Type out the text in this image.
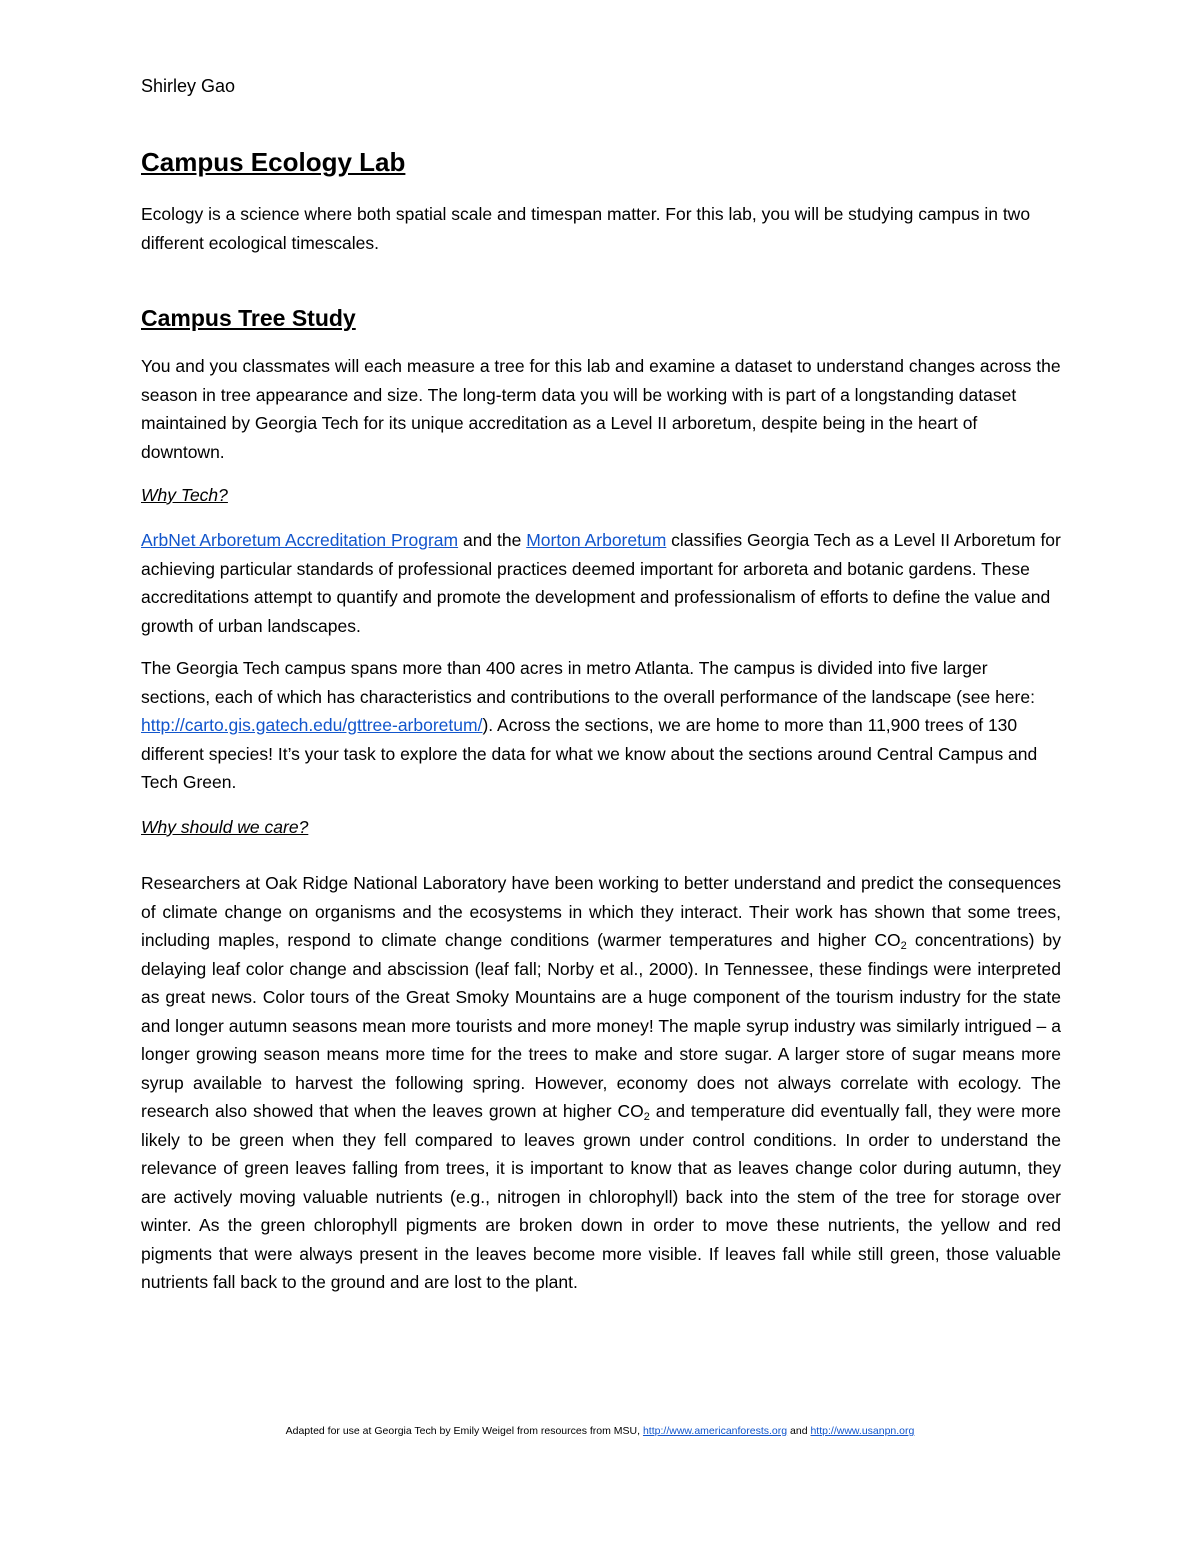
Shirley Gao
Campus Ecology Lab

Ecology is a science where both spatial scale and timespan matter. For this lab, you will be studying campus in two different ecological timescales.

Campus Tree Study

You and you classmates will each measure a tree for this lab and examine a dataset to understand changes across the season in tree appearance and size. The long-term data you will be working with is part of a longstanding dataset maintained by Georgia Tech for its unique accreditation as a Level II arboretum, despite being in the heart of downtown.

Why Tech?

ArbNet Arboretum Accreditation Program and the Morton Arboretum classifies Georgia Tech as a Level II Arboretum for achieving particular standards of professional practices deemed important for arboreta and botanic gardens. These accreditations attempt to quantify and promote the development and professionalism of efforts to define the value and growth of urban landscapes.

The Georgia Tech campus spans more than 400 acres in metro Atlanta. The campus is divided into five larger sections, each of which has characteristics and contributions to the overall performance of the landscape (see here: http://carto.gis.gatech.edu/gttree-arboretum/). Across the sections, we are home to more than 11,900 trees of 130 different species! It’s your task to explore the data for what we know about the sections around Central Campus and Tech Green.

Why should we care?

Researchers at Oak Ridge National Laboratory have been working to better understand and predict the consequences of climate change on organisms and the ecosystems in which they interact. Their work has shown that some trees, including maples, respond to climate change conditions (warmer temperatures and higher $CO_2$ concentrations) by delaying leaf color change and abscission (leaf fall; Norby et al., 2000). In Tennessee, these findings were interpreted as great news. Color tours of the Great Smoky Mountains are a huge component of the tourism industry for the state and longer autumn seasons mean more tourists and more money! The maple syrup industry was similarly intrigued – a longer growing season means more time for the trees to make and store sugar. A larger store of sugar means more syrup available to harvest the following spring. However, economy does not always correlate with ecology. The research also showed that when the leaves grown at higher $CO_2$ and temperature did eventually fall, they were more likely to be green when they fell compared to leaves grown under control conditions. In order to understand the relevance of green leaves falling from trees, it is important to know that as leaves change color during autumn, they are actively moving valuable nutrients (e.g., nitrogen in chlorophyll) back into the stem of the tree for storage over winter. As the green chlorophyll pigments are broken down in order to move these nutrients, the yellow and red pigments that were always present in the leaves become more visible. If leaves fall while still green, those valuable nutrients fall back to the ground and are lost to the plant.

Adapted for use at Georgia Tech by Emily Weigel from resources from MSU, http://www.americanforests.org and http://www.usanpn.org
